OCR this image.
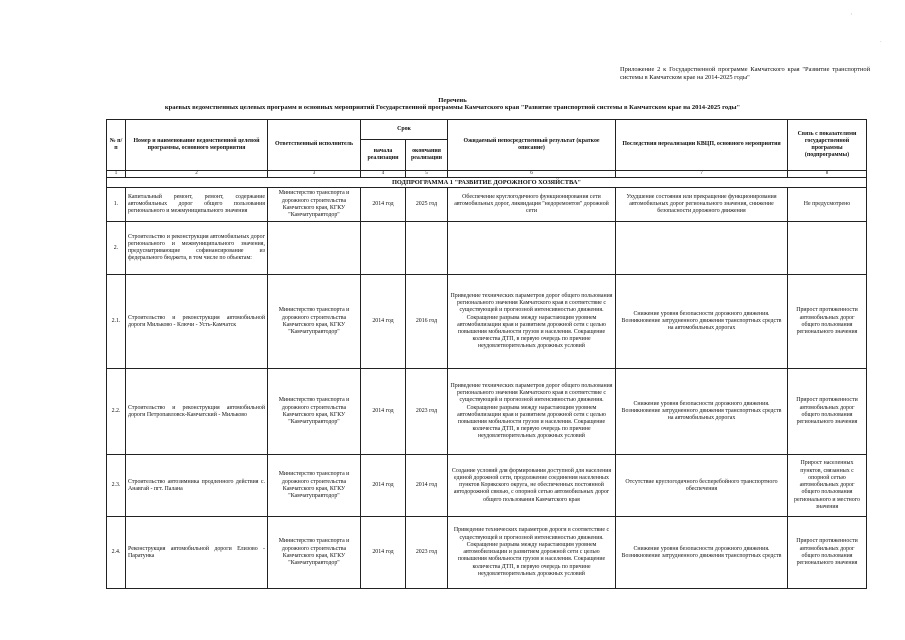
'
·
Приложение 2 к Государственной программе Камчатского края "Развитие транспортной системы в Камчатском крае на 2014-2025 годы"
Перечень
краевых ведомственных целевых программ и основных мероприятий Государственной программы Камчатского края "Развитие транспортной системы в Камчатском крае на 2014-2025 годы"
№ п/п	Номер и наименование ведомственной целевой программы, основного мероприятия	Ответственный исполнитель	Срок		Ожидаемый непосредственный результат (краткое описание)	Последствия нереализации КВЦП, основного мероприятия	Связь с показателями государственной программы (подпрограммы)
			начала реализации	окончания реализации			
1	2	3	4	5	6	7	8
ПОДПРОГРАММА 1 "РАЗВИТИЕ ДОРОЖНОГО ХОЗЯЙСТВА"							
1.	Капитальный ремонт, ремонт, содержание автомобильных дорог общего пользования регионального и межмуниципального значения	Министерство транспорта и дорожного строительства Камчатского края, КГКУ "Камчатуправтодор"	2014 год	2025 год	Обеспечение круглогодичного функционирования сети автомобильных дорог, ликвидация "недоремонтов" дорожной сети	Ухудшение состояния или прекращение функционирования автомобильных дорог регионального значения, снижение безопасности дорожного движения	Не предусмотрено
2.	Строительство и реконструкция автомобильных дорог регионального и межмуниципального значения, предусматривающие софинансирование из федерального бюджета, в том числе по объектам:						
2.1.	Строительство и реконструкция автомобильной дороги Мильково - Ключи - Усть-Камчатск	Министерство транспорта и дорожного строительства Камчатского края, КГКУ "Камчатуправтодор"	2014 год	2016 год	Приведение технических параметров дорог общего пользования регионального значения Камчатского края в соответствие с существующей и прогнозной интенсивностью движения. Сокращение разрыва между нарастающим уровнем автомобилизации края и развитием дорожной сети с целью повышения мобильности грузов и населения. Сокращение количества ДТП, в первую очередь по причине неудовлетворительных дорожных условий	Снижение уровня безопасности дорожного движения. Возникновение затрудненного движения транспортных средств на автомобильных дорогах	Прирост протяженности автомобильных дорог общего пользования регионального значения
2.2.	Строительство и реконструкция автомобильной дороги Петропавловск-Камчатский - Мильково	Министерство транспорта и дорожного строительства Камчатского края, КГКУ "Камчатуправтодор"	2014 год	2023 год	Приведение технических параметров дорог общего пользования регионального значения Камчатского края в соответствие с существующей и прогнозной интенсивностью движения. Сокращение разрыва между нарастающим уровнем автомобилизации края и развитием дорожной сети с целью повышения мобильности грузов и населения. Сокращение количества ДТП, в первую очередь по причине неудовлетворительных дорожных условий	Снижение уровня безопасности дорожного движения. Возникновение затрудненного движения транспортных средств на автомобильных дорогах	Прирост протяженности автомобильных дорог общего пользования регионального значения
2.3.	Строительство автозимника продленного действия с. Анавгай - пгт. Палана	Министерство транспорта и дорожного строительства Камчатского края, КГКУ "Камчатуправтодор"	2014 год	2014 год	Создание условий для формирования доступной для населения единой дорожной сети, продолжение соединения населенных пунктов Корякского округа, не обеспеченных постоянной автодорожной связью, с опорной сетью автомобильных дорог общего пользования Камчатского края	Отсутствие круглогодичного бесперебойного транспортного обеспечения	Прирост населенных пунктов, связанных с опорной сетью автомобильных дорог общего пользования регионального и местного значения
2.4.	Реконструкция автомобильной дороги Елизово - Паратунка	Министерство транспорта и дорожного строительства Камчатского края, КГКУ "Камчатуправтодор"	2014 год	2023 год	Приведение технических параметров дороги в соответствие с существующей и прогнозной интенсивностью движения. Сокращение разрыва между нарастающим уровнем автомобилизации и развитием дорожной сети с целью повышения мобильности грузов и населения. Сокращение количества ДТП, в первую очередь по причине неудовлетворительных дорожных условий	Снижение уровня безопасности дорожного движения. Возникновение затрудненного движения транспортных средств	Прирост протяженности автомобильных дорог общего пользования регионального значения
